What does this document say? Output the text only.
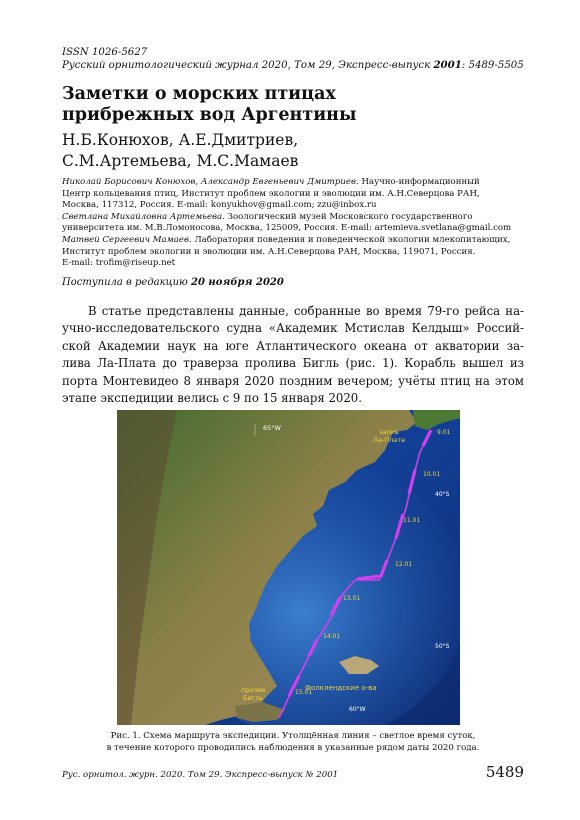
ISSN 1026-5627
Русский орнитологический журнал 2020, Том 29, Экспресс-выпуск 2001: 5489-5505
Заметки о морских птицах
прибрежных вод Аргентины
Н.Б.Конюхов, А.Е.Дмитриев,
С.М.Артемьева, М.С.Мамаев
Николай Борисович Конюхов, Александр Евгеньевич Дмитриев. Научно-информационный
Центр кольцевания птиц, Институт проблем экологии и эволюции им. А.Н.Северцова РАН,
Москва, 117312, Россия. E-mail: konyukhov@gmail.com; zzu@inbox.ru
Светлана Михайловна Артемьева. Зоологический музей Московского государственного
университета им. М.В.Ломоносова, Москва, 125009, Россия. E-mail: artemieva.svetlana@gmail.com
Матвей Сергеевич Мамаев. Лаборатория поведения и поведенческой экологии млекопитающих,
Институт проблем экологии и эволюции им. А.Н.Северцова РАН, Москва, 119071, Россия.
E-mail: trofim@riseup.net
Поступила в редакцию 20 ноября 2020
В статье представлены данные, собранные во время 79-го рейса на-
учно-исследовательского судна «Академик Мстислав Келдыш» Россий-
ской Академии наук на юге Атлантического океана от акватории за-
лива Ла-Плата до траверза пролива Бигль (рис. 1). Корабль вышел из
порта Монтевидео 8 января 2020 поздним вечером; учёты птиц на этом
этапе экспедиции велись с 9 по 15 января 2020.
65°W	залив
Ла-Плата
40°S
50°S
60°W
Фолклендские о-ва
пролив
Бигль
9.01
10.01
11.01
12.01
13.01
14.01
15.01
Рис. 1. Схема маршрута экспедиции. Утолщённая линия – светлое время суток,
в течение которого проводились наблюдения в указанные рядом даты 2020 года.
Рус. орнитол. журн. 2020. Том 29. Экспресс-выпуск № 2001	5489
